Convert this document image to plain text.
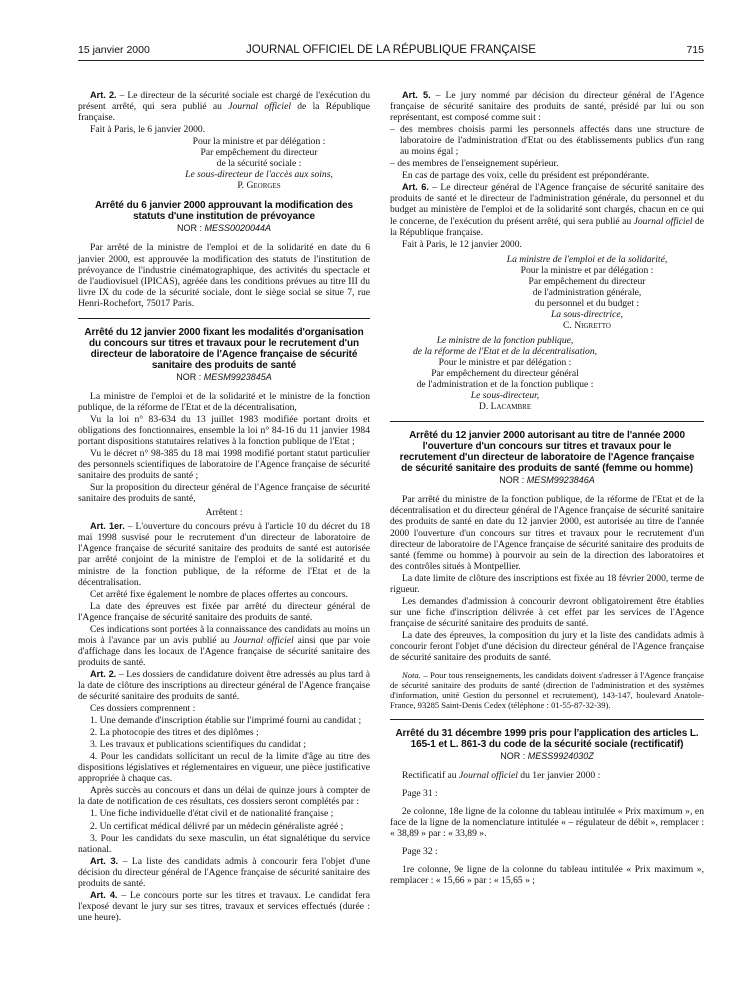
15 janvier 2000	JOURNAL OFFICIEL DE LA RÉPUBLIQUE FRANÇAISE	715

Art. 2. – Le directeur de la sécurité sociale est chargé de l'exécution du présent arrêté, qui sera publié au Journal officiel de la République française.

Fait à Paris, le 6 janvier 2000.

Pour la ministre et par délégation :
Par empêchement du directeur
de la sécurité sociale :
Le sous-directeur de l'accès aux soins,
P. Georges
Arrêté du 6 janvier 2000 approuvant la modification des statuts d'une institution de prévoyance
NOR : MESS0020044A

Par arrêté de la ministre de l'emploi et de la solidarité en date du 6 janvier 2000, est approuvée la modification des statuts de l'institution de prévoyance de l'industrie cinématographique, des activités du spectacle et de l'audiovisuel (IPICAS), agréée dans les conditions prévues au titre III du livre IX du code de la sécurité sociale, dont le siège social se situe 7, rue Henri-Rochefort, 75017 Paris.

Arrêté du 12 janvier 2000 fixant les modalités d'organisation du concours sur titres et travaux pour le recrutement d'un directeur de laboratoire de l'Agence française de sécurité sanitaire des produits de santé
NOR : MESM9923845A

La ministre de l'emploi et de la solidarité et le ministre de la fonction publique, de la réforme de l'Etat et de la décentralisation,

Vu la loi n° 83-634 du 13 juillet 1983 modifiée portant droits et obligations des fonctionnaires, ensemble la loi n° 84-16 du 11 janvier 1984 portant dispositions statutaires relatives à la fonction publique de l'Etat ;

Vu le décret n° 98-385 du 18 mai 1998 modifié portant statut particulier des personnels scientifiques de laboratoire de l'Agence française de sécurité sanitaire des produits de santé ;

Sur la proposition du directeur général de l'Agence française de sécurité sanitaire des produits de santé,

Arrêtent :

Art. 1er. – L'ouverture du concours prévu à l'article 10 du décret du 18 mai 1998 susvisé pour le recrutement d'un directeur de laboratoire de l'Agence française de sécurité sanitaire des produits de santé est autorisée par arrêté conjoint de la ministre de l'emploi et de la solidarité et du ministre de la fonction publique, de la réforme de l'Etat et de la décentralisation.

Cet arrêté fixe également le nombre de places offertes au concours.

La date des épreuves est fixée par arrêté du directeur général de l'Agence française de sécurité sanitaire des produits de santé.

Ces indications sont portées à la connaissance des candidats au moins un mois à l'avance par un avis publié au Journal officiel ainsi que par voie d'affichage dans les locaux de l'Agence française de sécurité sanitaire des produits de santé.

Art. 2. – Les dossiers de candidature doivent être adressés au plus tard à la date de clôture des inscriptions au directeur général de l'Agence française de sécurité sanitaire des produits de santé.

Ces dossiers comprennent :

1. Une demande d'inscription établie sur l'imprimé fourni au candidat ;

2. La photocopie des titres et des diplômes ;

3. Les travaux et publications scientifiques du candidat ;

4. Pour les candidats sollicitant un recul de la limite d'âge au titre des dispositions législatives et réglementaires en vigueur, une pièce justificative appropriée à chaque cas.

Après succès au concours et dans un délai de quinze jours à compter de la date de notification de ces résultats, ces dossiers seront complétés par :

1. Une fiche individuelle d'état civil et de nationalité française ;

2. Un certificat médical délivré par un médecin généraliste agréé ;

3. Pour les candidats du sexe masculin, un état signalétique du service national.

Art. 3. – La liste des candidats admis à concourir fera l'objet d'une décision du directeur général de l'Agence française de sécurité sanitaire des produits de santé.

Art. 4. – Le concours porte sur les titres et travaux. Le candidat fera l'exposé devant le jury sur ses titres, travaux et services effectués (durée : une heure).

Art. 5. – Le jury nommé par décision du directeur général de l'Agence française de sécurité sanitaire des produits de santé, présidé par lui ou son représentant, est composé comme suit :

– des membres choisis parmi les personnels affectés dans une structure de laboratoire de l'administration d'Etat ou des établissements publics d'un rang au moins égal ;

– des membres de l'enseignement supérieur.

En cas de partage des voix, celle du président est prépondérante.

Art. 6. – Le directeur général de l'Agence française de sécurité sanitaire des produits de santé et le directeur de l'administration générale, du personnel et du budget au ministère de l'emploi et de la solidarité sont chargés, chacun en ce qui le concerne, de l'exécution du présent arrêté, qui sera publié au Journal officiel de la République française.

Fait à Paris, le 12 janvier 2000.

La ministre de l'emploi et de la solidarité,
Pour la ministre et par délégation :
Par empêchement du directeur
de l'administration générale,
du personnel et du budget :
La sous-directrice,
C. Nigretto
Le ministre de la fonction publique,
de la réforme de l'Etat et de la décentralisation,
Pour le ministre et par délégation :
Par empêchement du directeur général
de l'administration et de la fonction publique :
Le sous-directeur,
D. Lacambre
Arrêté du 12 janvier 2000 autorisant au titre de l'année 2000 l'ouverture d'un concours sur titres et travaux pour le recrutement d'un directeur de laboratoire de l'Agence française de sécurité sanitaire des produits de santé (femme ou homme)
NOR : MESM9923846A

Par arrêté du ministre de la fonction publique, de la réforme de l'Etat et de la décentralisation et du directeur général de l'Agence française de sécurité sanitaire des produits de santé en date du 12 janvier 2000, est autorisée au titre de l'année 2000 l'ouverture d'un concours sur titres et travaux pour le recrutement d'un directeur de laboratoire de l'Agence française de sécurité sanitaire des produits de santé (femme ou homme) à pourvoir au sein de la direction des laboratoires et des contrôles situés à Montpellier.

La date limite de clôture des inscriptions est fixée au 18 février 2000, terme de rigueur.

Les demandes d'admission à concourir devront obligatoirement être établies sur une fiche d'inscription délivrée à cet effet par les services de l'Agence française de sécurité sanitaire des produits de santé.

La date des épreuves, la composition du jury et la liste des candidats admis à concourir feront l'objet d'une décision du directeur général de l'Agence française de sécurité sanitaire des produits de santé.

Nota. – Pour tous renseignements, les candidats doivent s'adresser à l'Agence française de sécurité sanitaire des produits de santé (direction de l'administration et des systèmes d'information, unité Gestion du personnel et recrutement), 143-147, boulevard Anatole-France, 93285 Saint-Denis Cedex (téléphone : 01-55-87-32-39).

Arrêté du 31 décembre 1999 pris pour l'application des articles L. 165-1 et L. 861-3 du code de la sécurité sociale (rectificatif)
NOR : MESS9924030Z

Rectificatif au Journal officiel du 1er janvier 2000 :

Page 31 :

2e colonne, 18e ligne de la colonne du tableau intitulée « Prix maximum », en face de la ligne de la nomenclature intitulée « – régulateur de débit », remplacer : « 38,89 » par : « 33,89 ».

Page 32 :

1re colonne, 9e ligne de la colonne du tableau intitulée « Prix maximum », remplacer : « 15,66 » par : « 15,65 » ;
